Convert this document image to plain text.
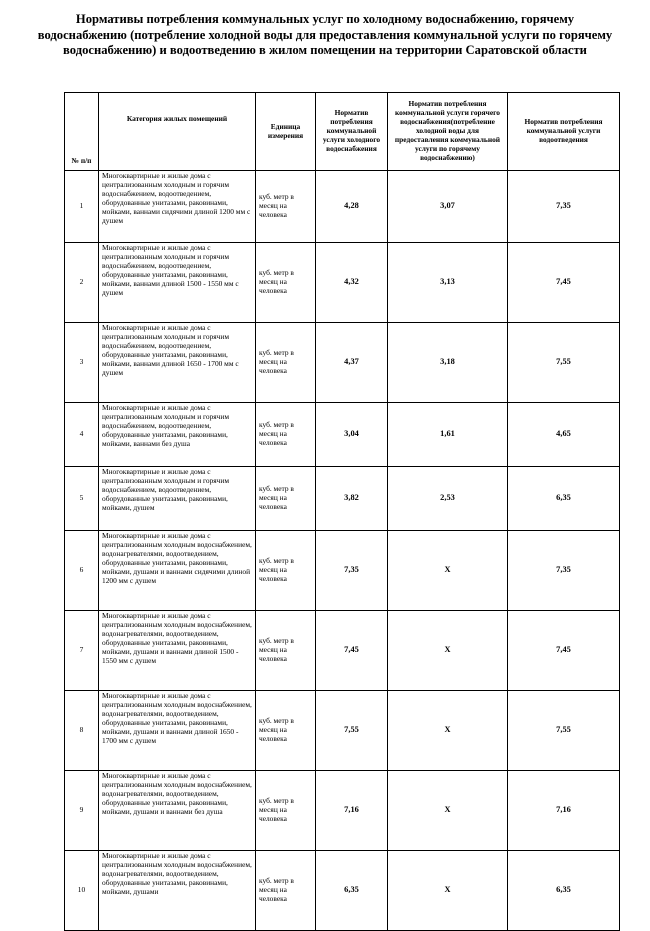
Нормативы потребления коммунальных услуг по холодному водоснабжению, горячему водоснабжению (потребление холодной воды для предоставления коммунальной услуги по горячему водоснабжению) и водоотведению в жилом помещении на территории Саратовской области
№ п/п	Категория жилых помещений	Единица измерения	Норматив потребления коммунальной услуги холодного водоснабжения	Норматив потребления коммунальной услуги горячего водоснабжения(потребление холодной воды для предоставления коммунальной услуги по горячему водоснабжению)	Норматив потребления коммунальной услуги водоотведения
1	Многоквартирные и жилые дома с централизованным холодным и горячим водоснабжением, водоотведением, оборудованные унитазами, раковинами, мойками, ваннами сидячими длиной 1200 мм с душем	куб. метр в месяц на человека	4,28	3,07	7,35
2	Многоквартирные и жилые дома с централизованным холодным и горячим водоснабжением, водоотведением, оборудованные унитазами, раковинами, мойками, ваннами длиной 1500 - 1550 мм с душем	куб. метр в месяц на человека	4,32	3,13	7,45
3	Многоквартирные и жилые дома с централизованным холодным и горячим водоснабжением, водоотведением, оборудованные унитазами, раковинами, мойками, ваннами длиной 1650 - 1700 мм с душем	куб. метр в месяц на человека	4,37	3,18	7,55
4	Многоквартирные и жилые дома с централизованным холодным и горячим водоснабжением, водоотведением, оборудованные унитазами, раковинами, мойками, ваннами без душа	куб. метр в месяц на человека	3,04	1,61	4,65
5	Многоквартирные и жилые дома с централизованным холодным и горячим водоснабжением, водоотведением, оборудованные унитазами, раковинами, мойками, душем	куб. метр в месяц на человека	3,82	2,53	6,35
6	Многоквартирные и жилые дома с централизованным холодным водоснабжением, водонагревателями, водоотведением, оборудованные унитазами, раковинами, мойками, душами и ваннами сидячими длиной 1200 мм с душем	куб. метр в месяц на человека	7,35	Х	7,35
7	Многоквартирные и жилые дома с централизованным холодным водоснабжением, водонагревателями, водоотведением, оборудованные унитазами, раковинами, мойками, душами и ваннами длиной 1500 - 1550 мм с душем	куб. метр в месяц на человека	7,45	Х	7,45
8	Многоквартирные и жилые дома с централизованным холодным водоснабжением, водонагревателями, водоотведением, оборудованные унитазами, раковинами, мойками, душами и ваннами длиной 1650 - 1700 мм с душем	куб. метр в месяц на человека	7,55	Х	7,55
9	Многоквартирные и жилые дома с централизованным холодным водоснабжением, водонагревателями, водоотведением, оборудованные унитазами, раковинами, мойками, душами и ваннами без душа	куб. метр в месяц на человека	7,16	Х	7,16
10	Многоквартирные и жилые дома с централизованным холодным водоснабжением, водонагревателями, водоотведением, оборудованные унитазами, раковинами, мойками, душами	куб. метр в месяц на человека	6,35	Х	6,35
